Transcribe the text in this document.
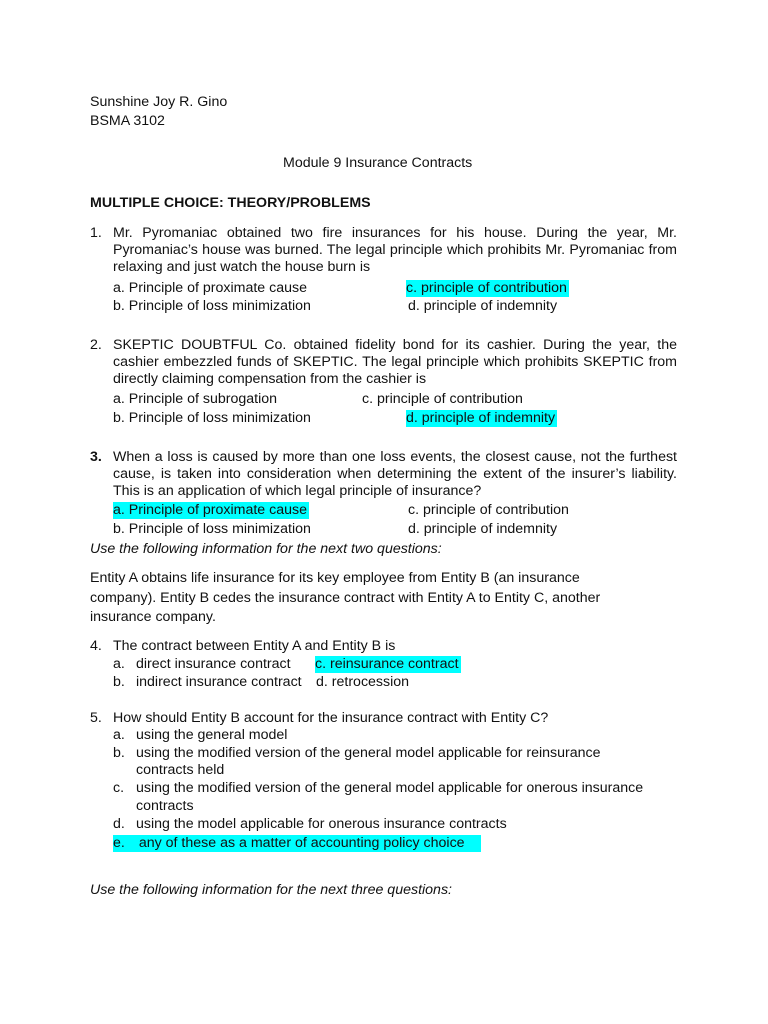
Sunshine Joy R. Gino
BSMA 3102
Module 9 Insurance Contracts
MULTIPLE CHOICE: THEORY/PROBLEMS
1. Mr. Pyromaniac obtained two fire insurances for his house. During the year, Mr. Pyromaniac’s house was burned. The legal principle which prohibits Mr. Pyromaniac from relaxing and just watch the house burn is
a. Principle of proximate cause	c. principle of contribution
b. Principle of loss minimization	d. principle of indemnity
2. SKEPTIC DOUBTFUL Co. obtained fidelity bond for its cashier. During the year, the cashier embezzled funds of SKEPTIC. The legal principle which prohibits SKEPTIC from directly claiming compensation from the cashier is
a. Principle of subrogation	c. principle of contribution
b. Principle of loss minimization	d. principle of indemnity
3. When a loss is caused by more than one loss events, the closest cause, not the furthest cause, is taken into consideration when determining the extent of the insurer’s liability. This is an application of which legal principle of insurance?
a. Principle of proximate cause	c. principle of contribution
b. Principle of loss minimization	d. principle of indemnity
Use the following information for the next two questions:
Entity A obtains life insurance for its key employee from Entity B (an insurance
company). Entity B cedes the insurance contract with Entity A to Entity C, another
insurance company.
4. The contract between Entity A and Entity B is
a. direct insurance contract c. reinsurance contract
b. indirect insurance contract d. retrocession
5. How should Entity B account for the insurance contract with Entity C?
a. using the general model
b. using the modified version of the general model applicable for reinsurance
contracts held
c. using the modified version of the general model applicable for onerous insurance
contracts
d. using the model applicable for onerous insurance contracts
e. any of these as a matter of accounting policy choice
Use the following information for the next three questions:
